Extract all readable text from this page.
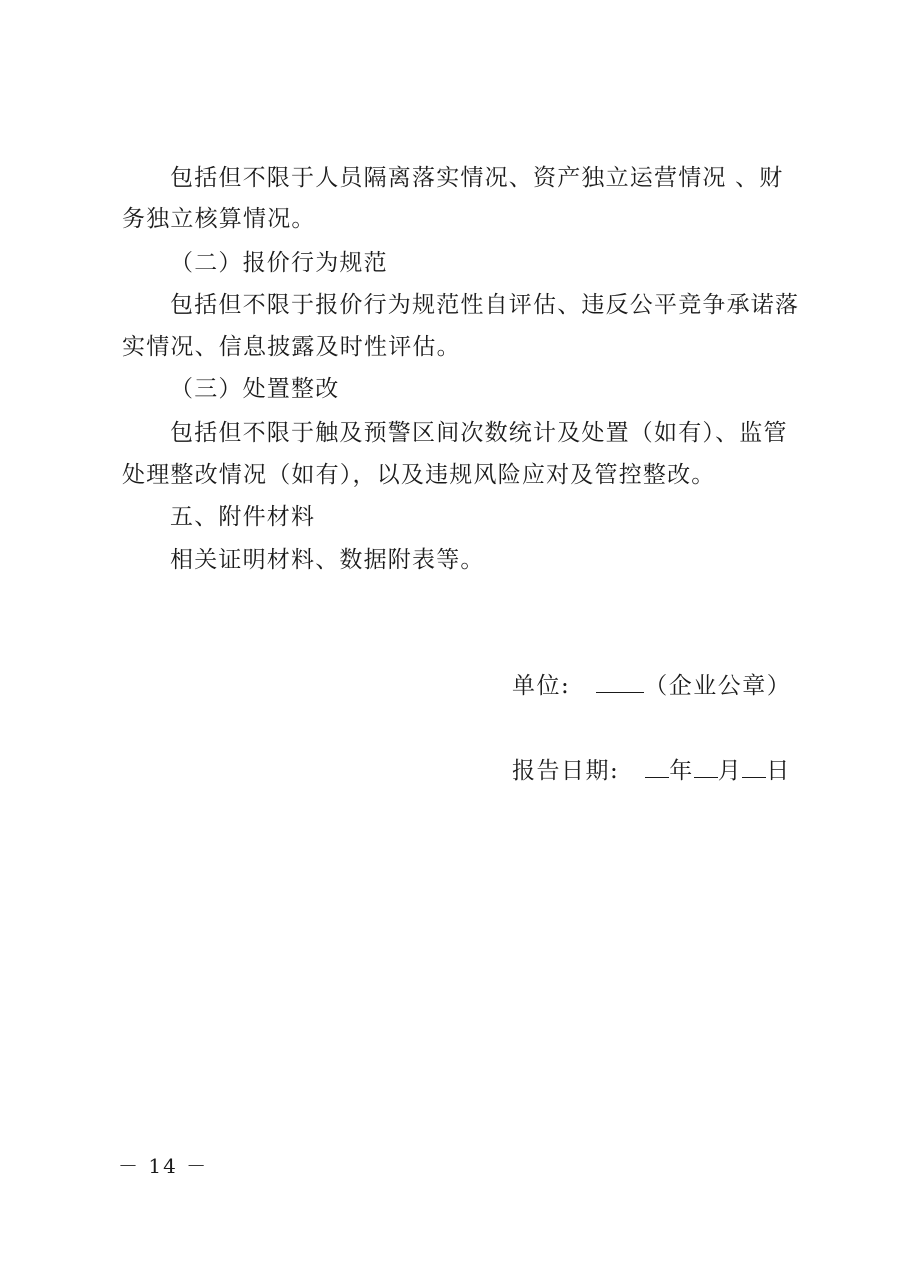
包括但不限于人员隔离落实情况、资产独立运营情况 、财
务独立核算情况。
（二）报价行为规范
包括但不限于报价行为规范性自评估、违反公平竞争承诺落
实情况、信息披露及时性评估。
（三）处置整改
包括但不限于触及预警区间次数统计及处置（如有）、监管
处理整改情况（如有），以及违规风险应对及管控整改。
五、附件材料
相关证明材料、数据附表等。
单位:	（企业公章）
报告日期: 年 月 日
－ 14 －
